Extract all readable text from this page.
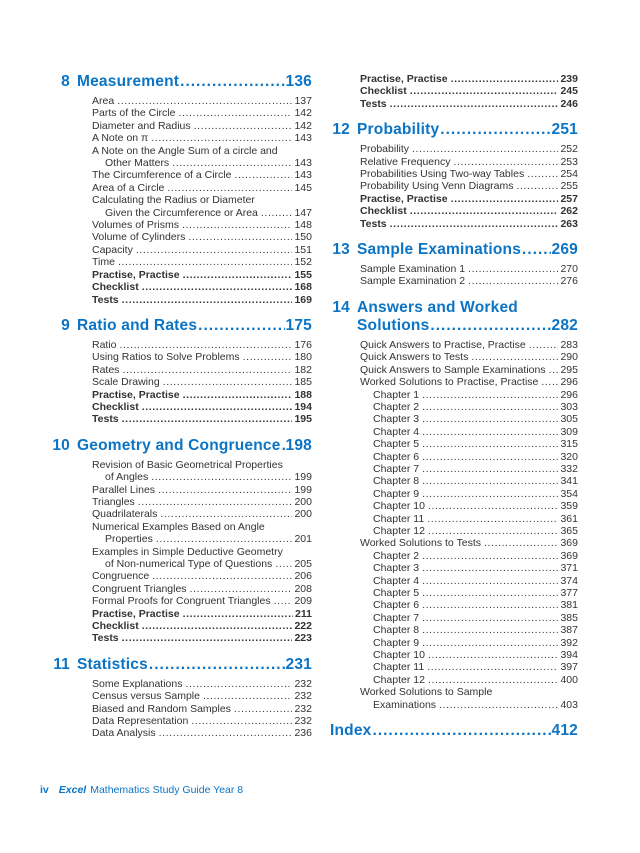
8 Measurement .....	136
Area .....	137
Parts of the Circle .....	142
Diameter and Radius .....	142
A Note on π .....	143
A Note on the Angle Sum of a circle and
Other Matters .....	143
The Circumference of a Circle .....	143
Area of a Circle .....	145
Calculating the Radius or Diameter
Given the Circumference or Area .....	147
Volumes of Prisms .....	148
Volume of Cylinders .....	150
Capacity .....	151
Time .....	152
Practise, Practise .....	155
Checklist .....	168
Tests .....	169
9 Ratio and Rates .....	175
Ratio .....	176
Using Ratios to Solve Problems .....	180
Rates .....	182
Scale Drawing .....	185
Practise, Practise .....	188
Checklist .....	194
Tests .....	195
10 Geometry and Congruence ..... 198
Revision of Basic Geometrical Properties
of Angles .....	199
Parallel Lines .....	199
Triangles .....	200
Quadrilaterals .....	200
Numerical Examples Based on Angle
Properties .....	201
Examples in Simple Deductive Geometry
of Non-numerical Type of Questions ..... 205
Congruence .....	206
Congruent Triangles .....	208
Formal Proofs for Congruent Triangles ..... 209
Practise, Practise .....	211
Checklist .....	222
Tests .....	223
11 Statistics .....	231
Some Explanations .....	232
Census versus Sample .....	232
Biased and Random Samples .....	232
Data Representation .....	232
Data Analysis .....	236
Practise, Practise .....	239
Checklist .....	245
Tests .....	246
12 Probability .....	251
Probability .....	252
Relative Frequency .....	253
Probabilities Using Two-way Tables .....	254
Probability Using Venn Diagrams .....	255
Practise, Practise .....	257
Checklist .....	262
Tests .....	263
13 Sample Examinations ..... 269
Sample Examination 1 .....	270
Sample Examination 2 .....	276
14 Answers and Worked
Solutions .....	282
Quick Answers to Practise, Practise .....	283
Quick Answers to Tests .....	290
Quick Answers to Sample Examinations ..... 295
Worked Solutions to Practise, Practise ..... 296
Chapter 1 .....	296
Chapter 2 .....	303
Chapter 3 .....	305
Chapter 4 .....	309
Chapter 5 .....	315
Chapter 6 .....	320
Chapter 7 .....	332
Chapter 8 .....	341
Chapter 9 .....	354
Chapter 10 .....	359
Chapter 11 .....	361
Chapter 12 .....	365
Worked Solutions to Tests .....	369
Chapter 2 .....	369
Chapter 3 .....	371
Chapter 4 .....	374
Chapter 5 .....	377
Chapter 6 .....	381
Chapter 7 .....	385
Chapter 8 .....	387
Chapter 9 .....	392
Chapter 10 .....	394
Chapter 11 .....	397
Chapter 12 .....	400
Worked Solutions to Sample
Examinations .....	403
Index .....	412
iv Excel Mathematics Study Guide Year 8
